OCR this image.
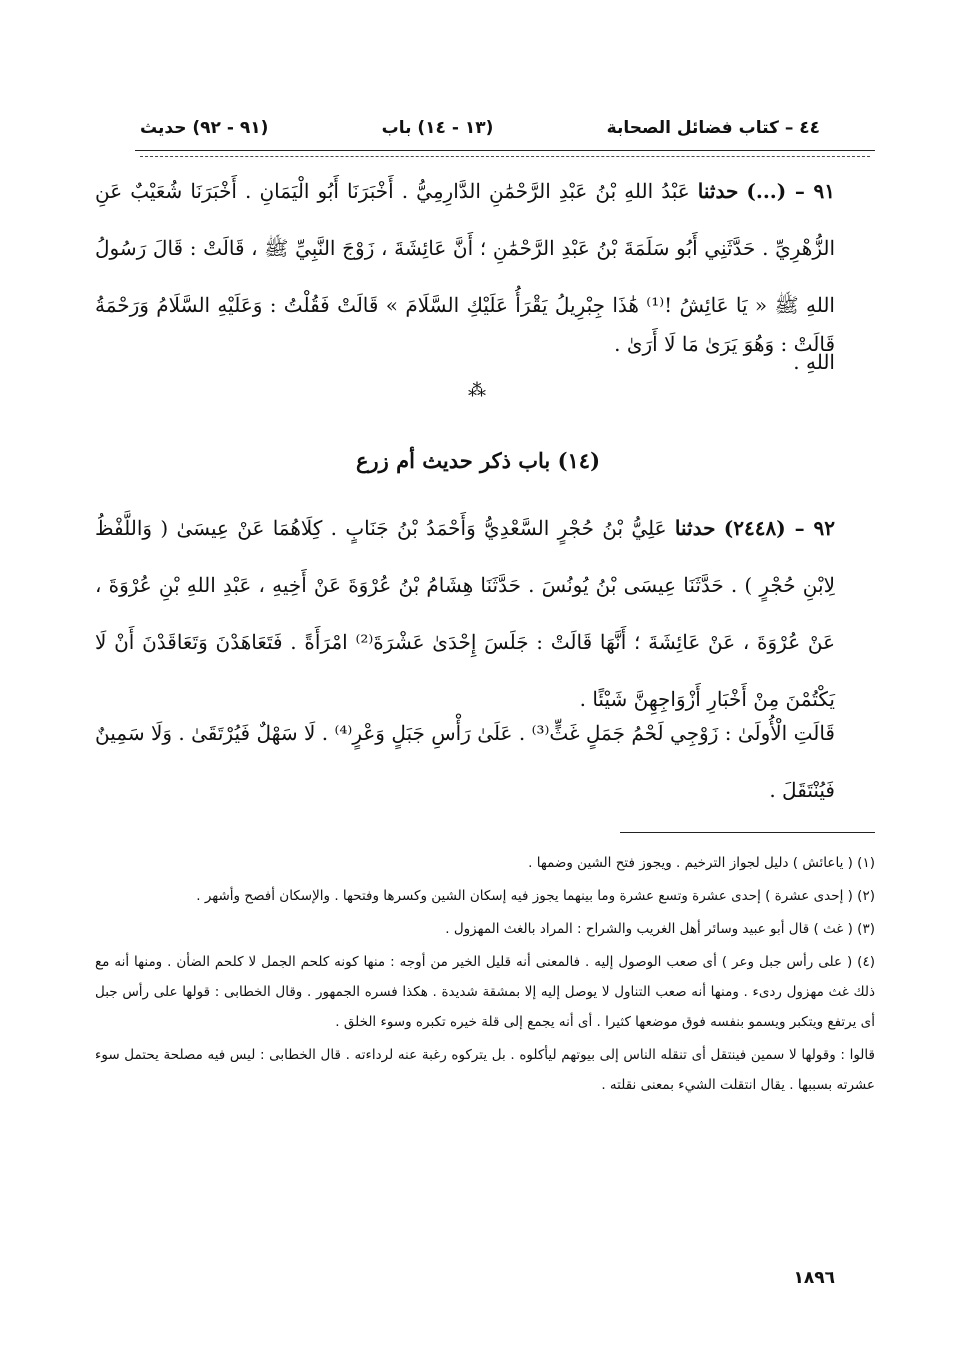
٤٤ – كتاب فضائل الصحابة
(١٣ - ١٤) باب
(٩١ - ٩٢) حديث
٩١ – (...) حدثنا عَبْدُ اللهِ بْنُ عَبْدِ الرَّحْمَٰنِ الدَّارِمِيُّ . أَخْبَرَنَا أَبُو الْيَمَانِ . أَخْبَرَنَا شُعَيْبٌ عَنِ الزُّهْرِيِّ . حَدَّثَنِي أَبُو سَلَمَةَ بْنُ عَبْدِ الرَّحْمَٰنِ ؛ أَنَّ عَائِشَةَ ، زَوْجَ النَّبِيِّ ﷺ ، قَالَتْ : قَالَ رَسُولُ اللهِ ﷺ « يَا عَائِشُ !⁽¹⁾ هَٰذَا جِبْرِيلُ يَقْرَأُ عَلَيْكِ السَّلَامَ » قَالَتْ فَقُلْتُ : وَعَلَيْهِ السَّلَامُ وَرَحْمَةُ اللهِ .
قَالَتْ : وَهُوَ يَرَىٰ مَا لَا أَرَىٰ .
⁂
(١٤) باب ذكر حديث أم زرع
٩٢ – (٢٤٤٨) حدثنا عَلِيُّ بْنُ حُجْرٍ السَّعْدِيُّ وَأَحْمَدُ بْنُ جَنَابٍ . كِلَاهُمَا عَنْ عِيسَىٰ ( وَاللَّفْظُ لِابْنِ حُجْرٍ ) . حَدَّثَنَا عِيسَى بْنُ يُونُسَ . حَدَّثَنَا هِشَامُ بْنُ عُرْوَةَ عَنْ أَخِيهِ ، عَبْدِ اللهِ بْنِ عُرْوَةَ ، عَنْ عُرْوَةَ ، عَنْ عَائِشَةَ ؛ أَنَّهَا قَالَتْ : جَلَسَ إِحْدَىٰ عَشْرَةَ⁽²⁾ امْرَأَةً . فَتَعَاهَدْنَ وَتَعَاقَدْنَ أَنْ لَا يَكْتُمْنَ مِنْ أَخْبَارِ أَزْوَاجِهِنَّ شَيْئًا .
قَالَتِ الْأُولَىٰ : زَوْجِي لَحْمُ جَمَلٍ غَثٍّ⁽³⁾ . عَلَىٰ رَأْسِ جَبَلٍ وَعْرٍ⁽⁴⁾ . لَا سَهْلٌ فَيُرْتَقَىٰ . وَلَا سَمِينٌ فَيُنْتَقَلَ .

(١) ( ياعائش ) دليل لجواز الترخيم . ويجوز فتح الشين وضمها .

(٢) ( إحدى عشرة ) إحدى عشرة وتسع عشرة وما بينهما يجوز فيه إسكان الشين وكسرها وفتحها . والإسكان أفصح وأشهر .

(٣) ( غث ) قال أبو عبيد وسائر أهل الغريب والشراح : المراد بالغث المهزول .

(٤) ( على رأس جبل وعر ) أى صعب الوصول إليه . فالمعنى أنه قليل الخير من أوجه : منها كونه كلحم الجمل لا كلحم الضأن . ومنها أنه مع ذلك غث مهزول ردىء . ومنها أنه صعب التناول لا يوصل إليه إلا بمشقة شديدة . هكذا فسره الجمهور . وقال الخطابى : قولها على رأس جبل أى يرتفع ويتكبر ويسمو بنفسه فوق موضعها كثيرا . أى أنه يجمع إلى قلة خيره تكبره وسوء الخلق .

قالوا : وقولها لا سمين فينتقل أى تنقله الناس إلى بيوتهم ليأكلوه . بل يتركوه رغبة عنه لرداءته . قال الخطابى : ليس فيه مصلحة يحتمل سوء عشرته بسببها . يقال انتقلت الشيء بمعنى نقلته .

١٨٩٦
